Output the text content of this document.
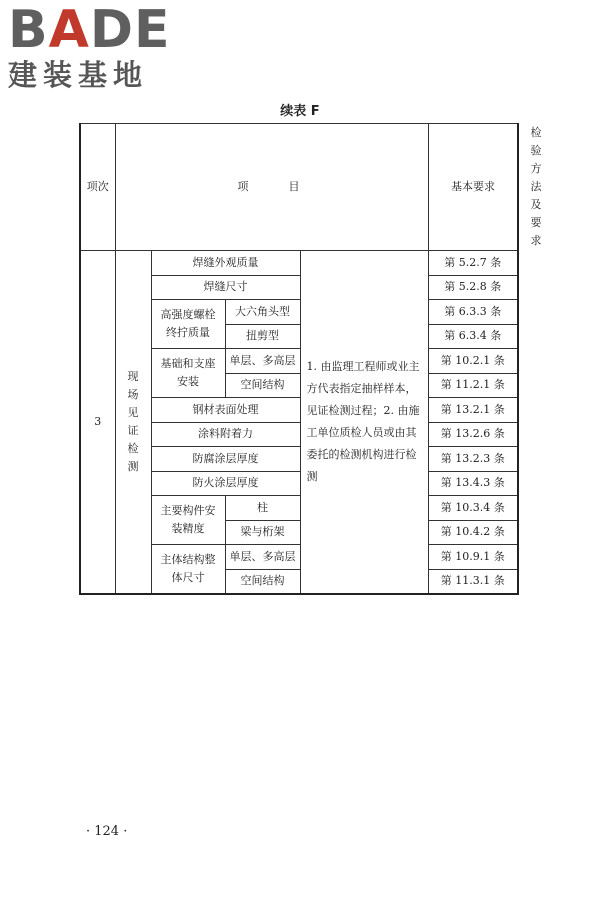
BADE
建装基地
续表 F
项次	项　　目				基本要求	检验方法及要求
3	现场见证检测	焊缝外观质量		1. 由监理工程师或业主方代表指定抽样样本，见证检测过程；2. 由施工单位质检人员或由其委托的检测机构进行检测	第 5.2.7 条	
		焊缝尺寸			第 5.2.8 条	
		高强度螺栓终拧质量	大六角头型		第 6.3.3 条	
			扭剪型		第 6.3.4 条	
		基础和支座安装	单层、多高层		第 10.2.1 条	
			空间结构		第 11.2.1 条	
		钢材表面处理			第 13.2.1 条	
		涂料附着力			第 13.2.6 条	
		防腐涂层厚度			第 13.2.3 条	
		防火涂层厚度			第 13.4.3 条	
		主要构件安装精度	柱		第 10.3.4 条	
			梁与桁架		第 10.4.2 条	
		主体结构整体尺寸	单层、多高层		第 10.9.1 条	
			空间结构		第 11.3.1 条	
· 124 ·
